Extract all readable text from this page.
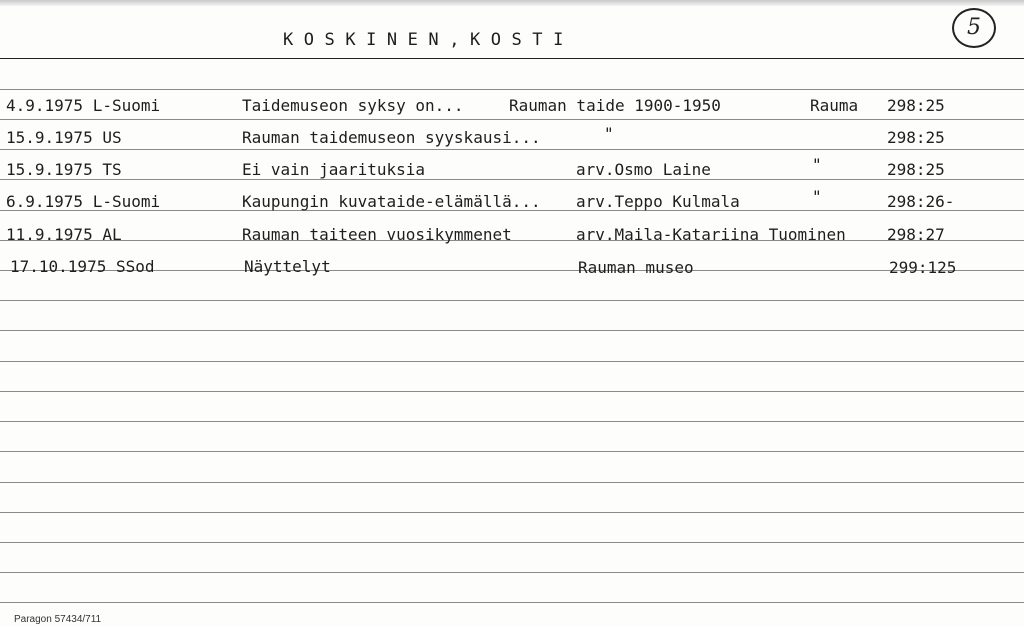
KOSKINEN,KOSTI	5
4.9.1975 L-Suomi	Taidemuseon syksy on...	Rauman taide 1900-1950	Rauma 298:25
15.9.1975 US	Rauman taidemuseon syyskausi...	"	298:25
15.9.1975 TS	Ei vain jaarituksia	arv.Osmo Laine	"	298:25
6.9.1975 L-Suomi	Kaupungin kuvataide-elämällä... arv.Teppo Kulmala	"	298:26-
11.9.1975 AL	Rauman taiteen vuosikymmenet	arv.Maila-Katariina Tuominen	298:27
17.10.1975 SSod	Näyttelyt	Rauman museo	299:125
Paragon 57434/711
